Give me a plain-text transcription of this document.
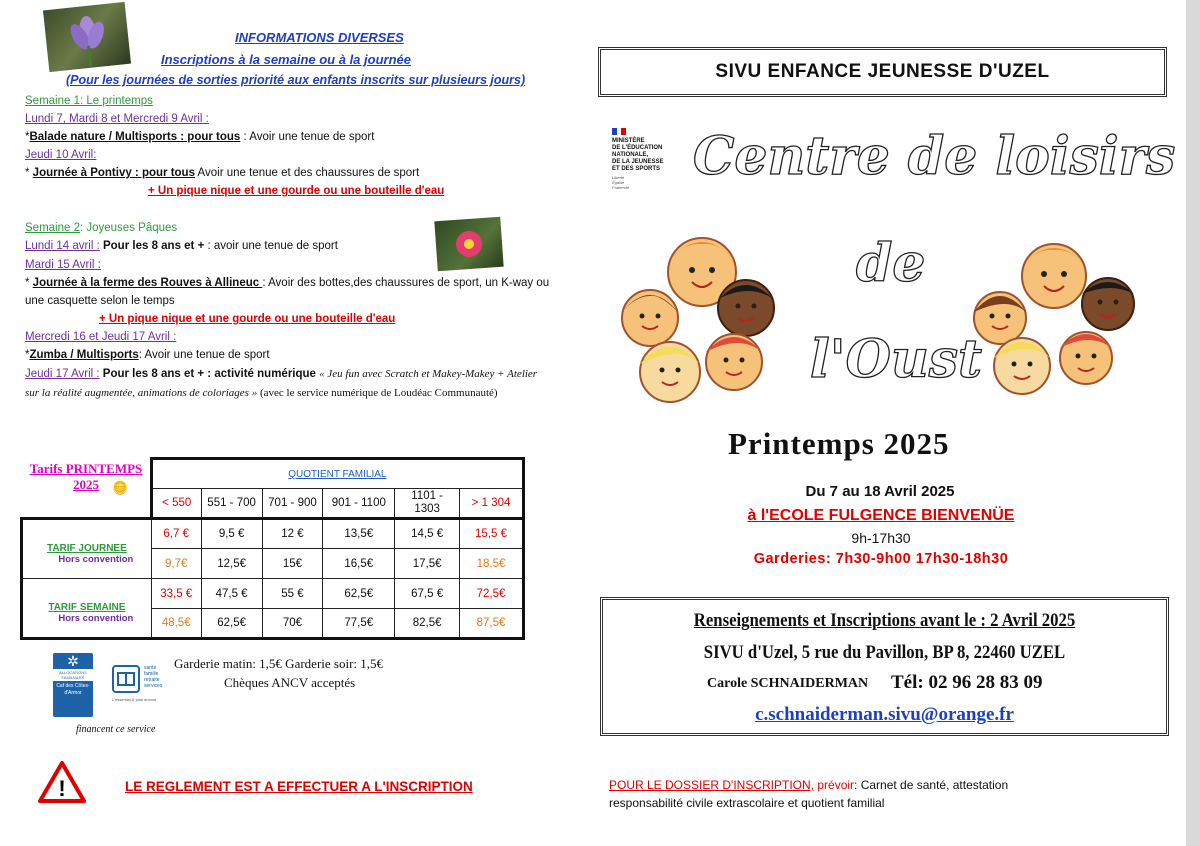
INFORMATIONS DIVERSES
Inscriptions à la semaine ou à la journée
(Pour les journées de sorties priorité aux enfants inscrits sur plusieurs jours)
Semaine 1: Le printemps
Lundi 7, Mardi 8 et Mercredi 9 Avril :
*Balade nature / Multisports : pour tous : Avoir une tenue de sport
Jeudi 10 Avril:
* Journée à Pontivy : pour tous Avoir une tenue et des chaussures de sport
+ Un pique nique et une gourde ou une bouteille d'eau
Semaine 2: Joyeuses Pâques
Lundi 14 avril : Pour les 8 ans et + : avoir une tenue de sport
Mardi 15 Avril :
* Journée à la ferme des Rouves à Allineuc : Avoir des bottes,des chaussures de sport, un K-way ou
une casquette selon le temps
+ Un pique nique et une gourde ou une bouteille d'eau
Mercredi 16 et Jeudi 17 Avril :
*Zumba / Multisports: Avoir une tenue de sport
Jeudi 17 Avril : Pour les 8 ans et + : activité numérique « Jeu fun avec Scratch et Makey-Makey + Atelier
sur la réalité augmentée, animations de coloriages » (avec le service numérique de Loudéac Communauté)
Tarifs PRINTEMPS 2025	🪙
	QUOTIENT FAMILIAL					
	< 550	551 - 700	701 - 900	901 - 1100	1101 - 1303	> 1 304

TARIF JOURNEE
Hors convention	6,7 €	9,5 €	12 €	13,5€	14,5 €	15,5 €
	9,7€	12,5€	15€	16,5€	17,5€	18,5€

TARIF SEMAINE
Hors convention	33,5 €	47,5 €	55 €	62,5€	67,5 €	72,5€
	48,5€	62,5€	70€	77,5€	82,5€	87,5€
✲
ALLOCATIONS FAMILIALES
Caf des Côtes-d'Armor
santé famille retraite services
L'essentiel & plus encore
Garderie matin: 1,5€ Garderie soir: 1,5€
Chèques ANCV acceptés
financent ce service
!	LE REGLEMENT EST A EFFECTUER A L'INSCRIPTION
SIVU ENFANCE JEUNESSE D'UZEL
MINISTÈRE
DE L'ÉDUCATION
NATIONALE,
DE LA JEUNESSE
ET DES SPORTS
Liberté
Égalité
Fraternité
Centre de loisirs
de
l'Oust
Printemps 2025
Du 7 au 18 Avril 2025
à l'ECOLE FULGENCE BIENVENÜE
9h-17h30
Garderies: 7h30-9h00 17h30-18h30
Renseignements et Inscriptions avant le : 2 Avril 2025
SIVU d'Uzel, 5 rue du Pavillon, BP 8, 22460 UZEL
Carole SCHNAIDERMAN Tél: 02 96 28 83 09
c.schnaiderman.sivu@orange.fr
POUR LE DOSSIER D'INSCRIPTION, prévoir: Carnet de santé, attestation
responsabilité civile extrascolaire et quotient familial
